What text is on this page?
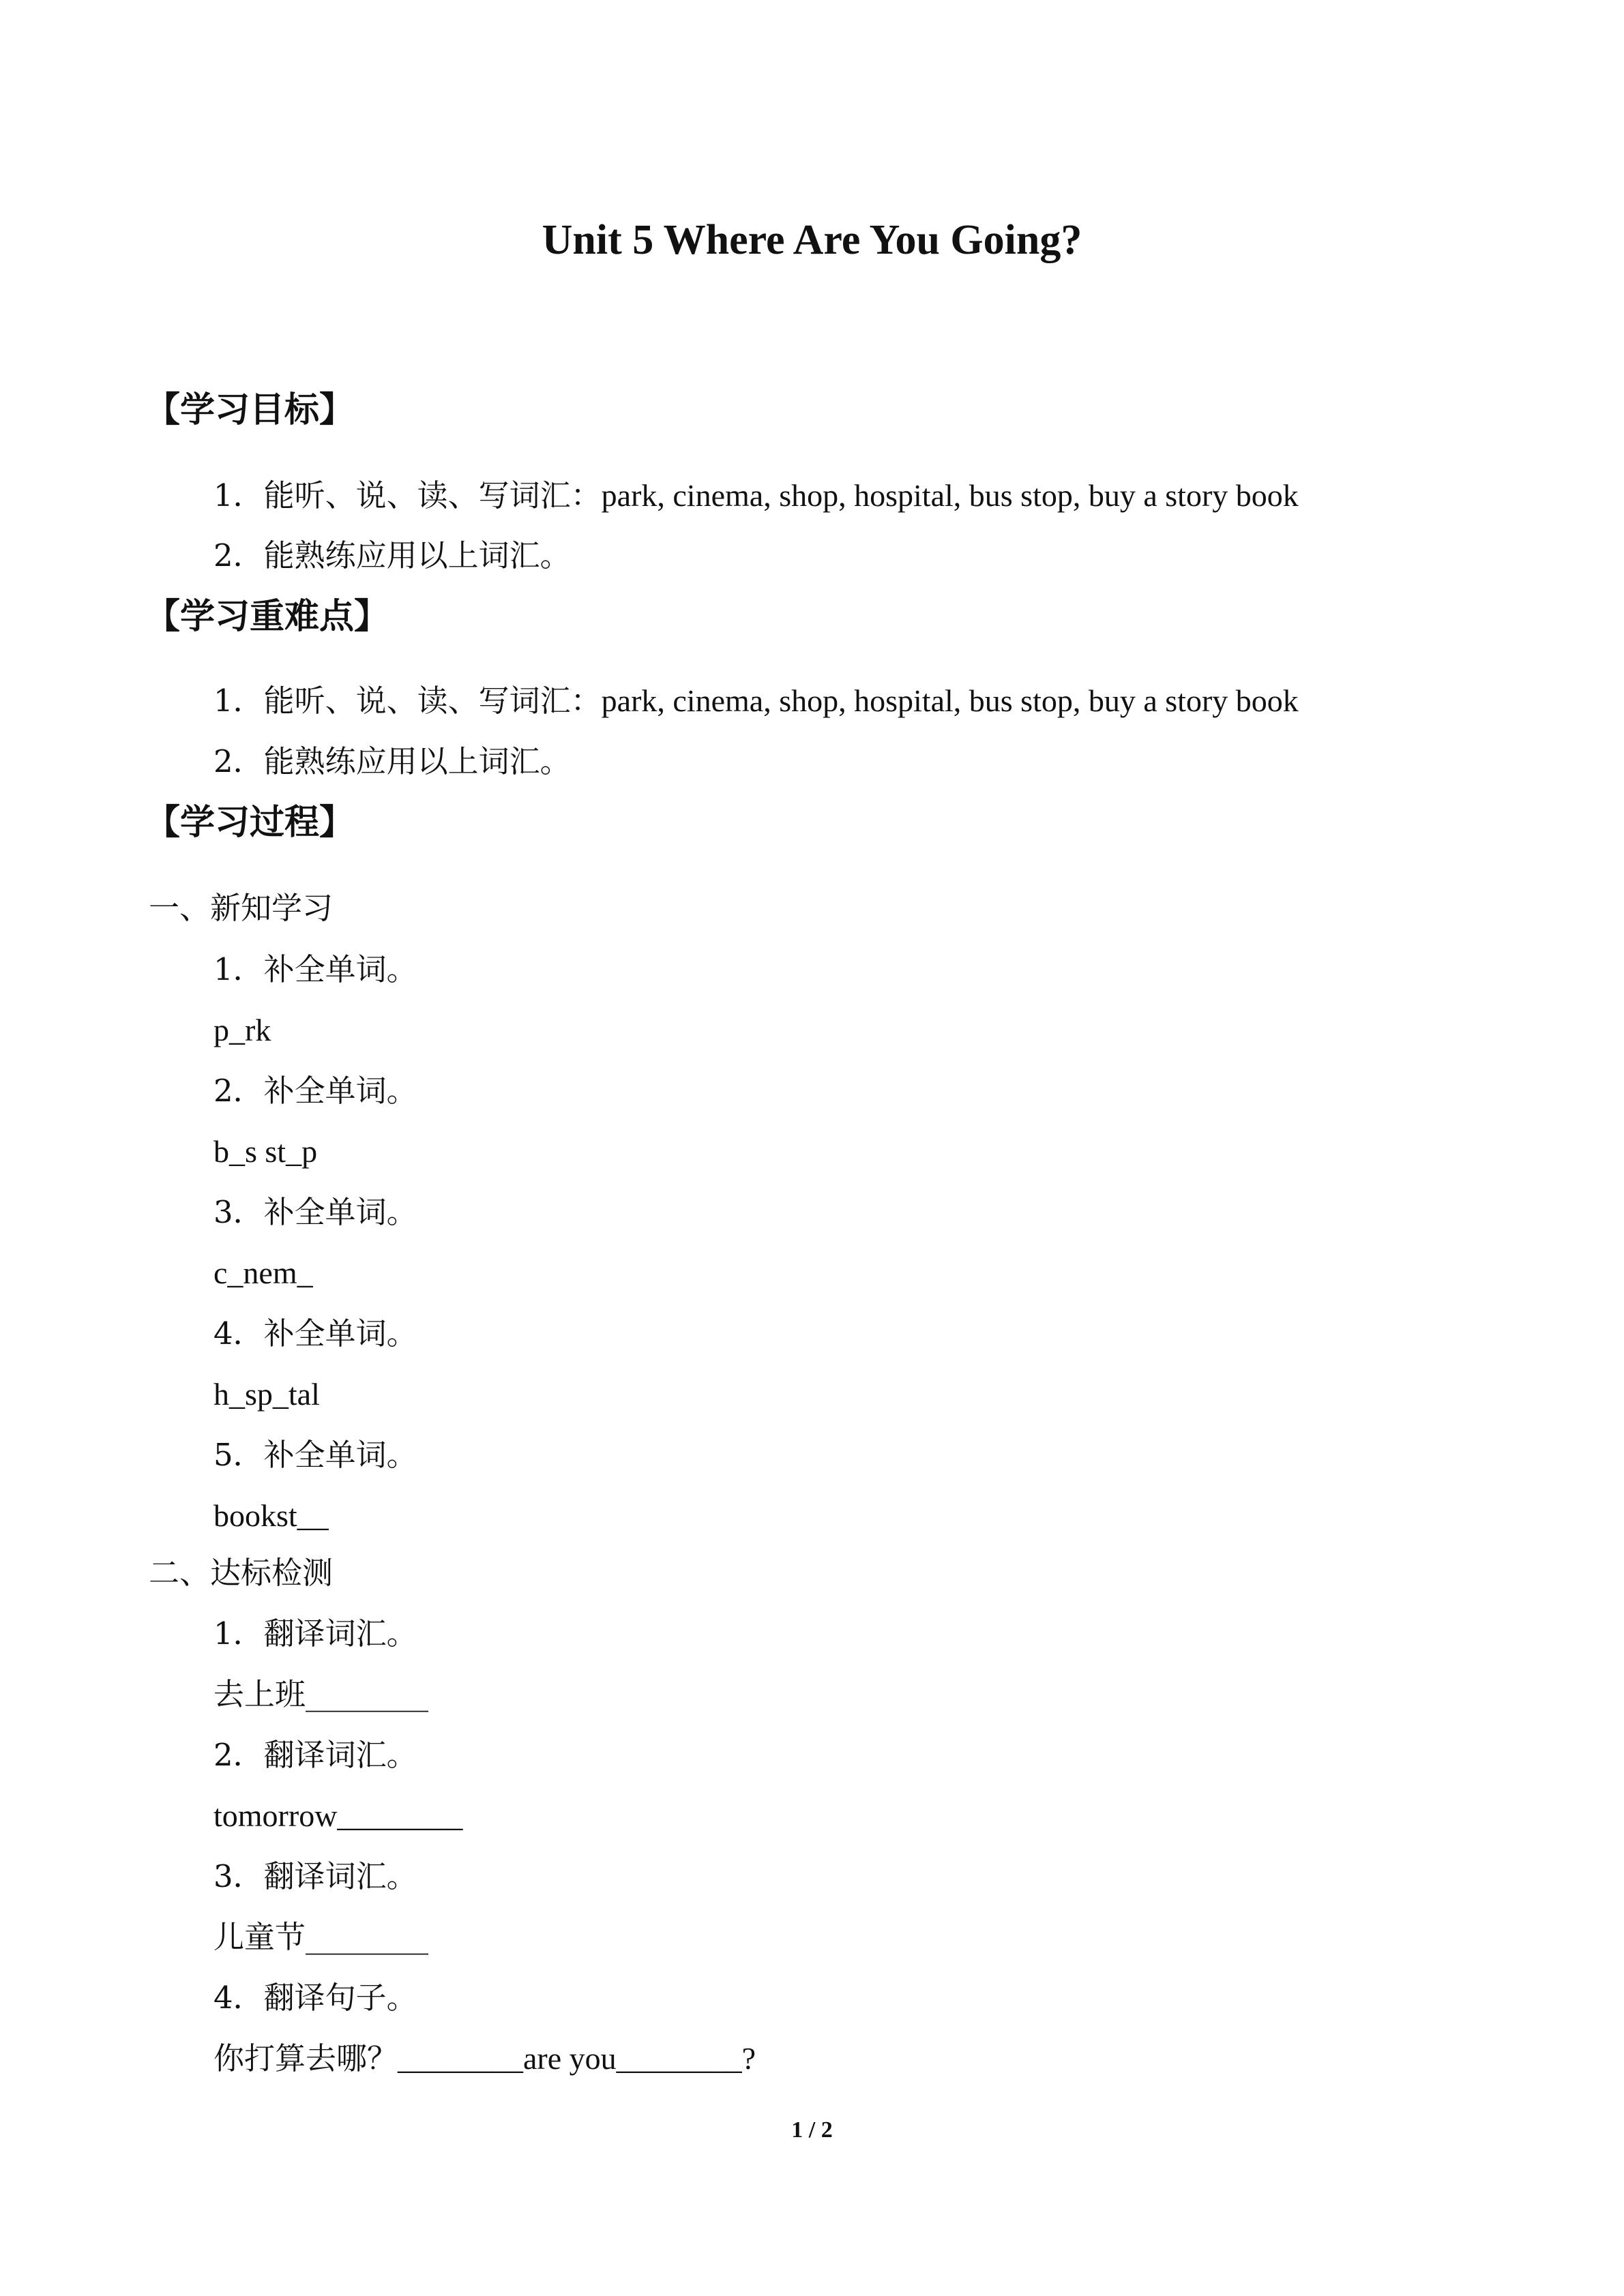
Unit 5 Where Are You Going?
【学习目标】
1．能听、说、读、写词汇：park, cinema, shop, hospital, bus stop, buy a story book
2．能熟练应用以上词汇。
【学习重难点】
1．能听、说、读、写词汇：park, cinema, shop, hospital, bus stop, buy a story book
2．能熟练应用以上词汇。
【学习过程】
一、新知学习
1．补全单词。
p_rk
2．补全单词。
b_s st_p
3．补全单词。
c_nem_
4．补全单词。
h_sp_tal
5．补全单词。
bookst__
二、达标检测
1．翻译词汇。
去上班________
2．翻译词汇。
tomorrow________
3．翻译词汇。
儿童节________
4．翻译句子。
你打算去哪？________are you________?
1 / 2
